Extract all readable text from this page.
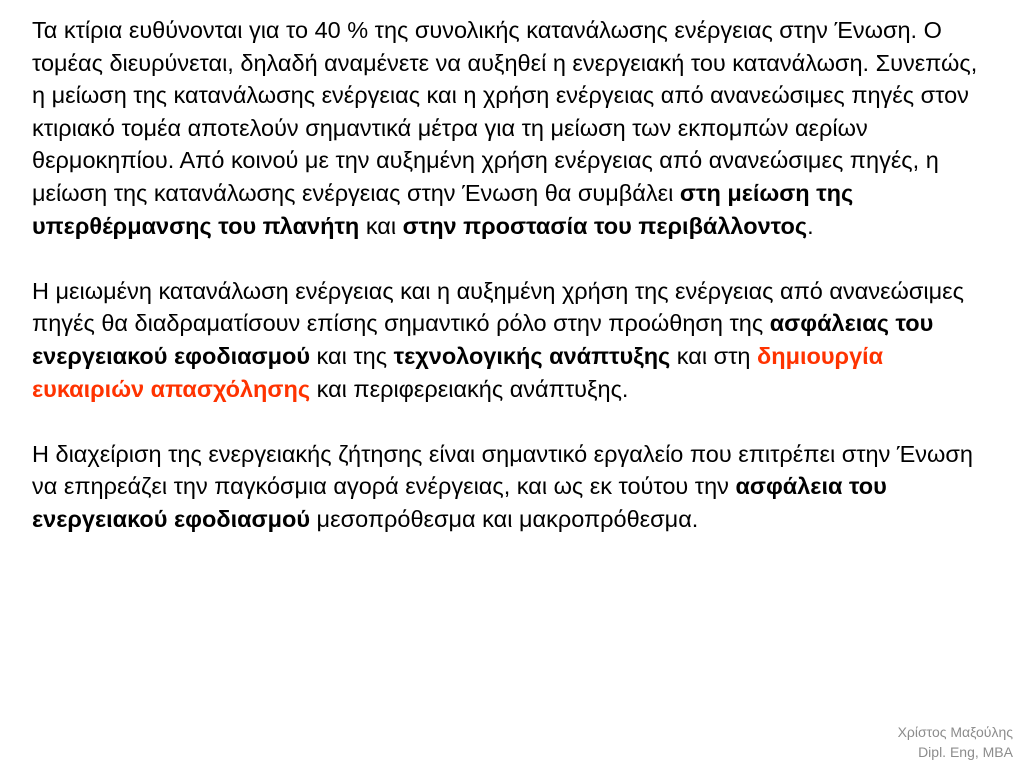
Τα κτίρια ευθύνονται για το 40 % της συνολικής κατανάλωσης ενέργειας στην Ένωση. Ο τομέας διευρύνεται, δηλαδή αναμένετε να αυξηθεί η ενεργειακή του κατανάλωση. Συνεπώς, η μείωση της κατανάλωσης ενέργειας και η χρήση ενέργειας από ανανεώσιμες πηγές στον κτιριακό τομέα αποτελούν σημαντικά μέτρα για τη μείωση των εκπομπών αερίων θερμοκηπίου. Από κοινού με την αυξημένη χρήση ενέργειας από ανανεώσιμες πηγές, η μείωση της κατανάλωσης ενέργειας στην Ένωση θα συμβάλει στη μείωση της υπερθέρμανσης του πλανήτη και στην προστασία του περιβάλλοντος.

Η μειωμένη κατανάλωση ενέργειας και η αυξημένη χρήση της ενέργειας από ανανεώσιμες πηγές θα διαδραματίσουν επίσης σημαντικό ρόλο στην προώθηση της ασφάλειας του ενεργειακού εφοδιασμού και της τεχνολογικής ανάπτυξης και στη δημιουργία ευκαιριών απασχόλησης και περιφερειακής ανάπτυξης.

Η διαχείριση της ενεργειακής ζήτησης είναι σημαντικό εργαλείο που επιτρέπει στην Ένωση να επηρεάζει την παγκόσμια αγορά ενέργειας, και ως εκ τούτου την ασφάλεια του ενεργειακού εφοδιασμού μεσοπρόθεσμα και μακροπρόθεσμα.

Χρίστος Μαξούλης
Dipl. Eng, MBA
